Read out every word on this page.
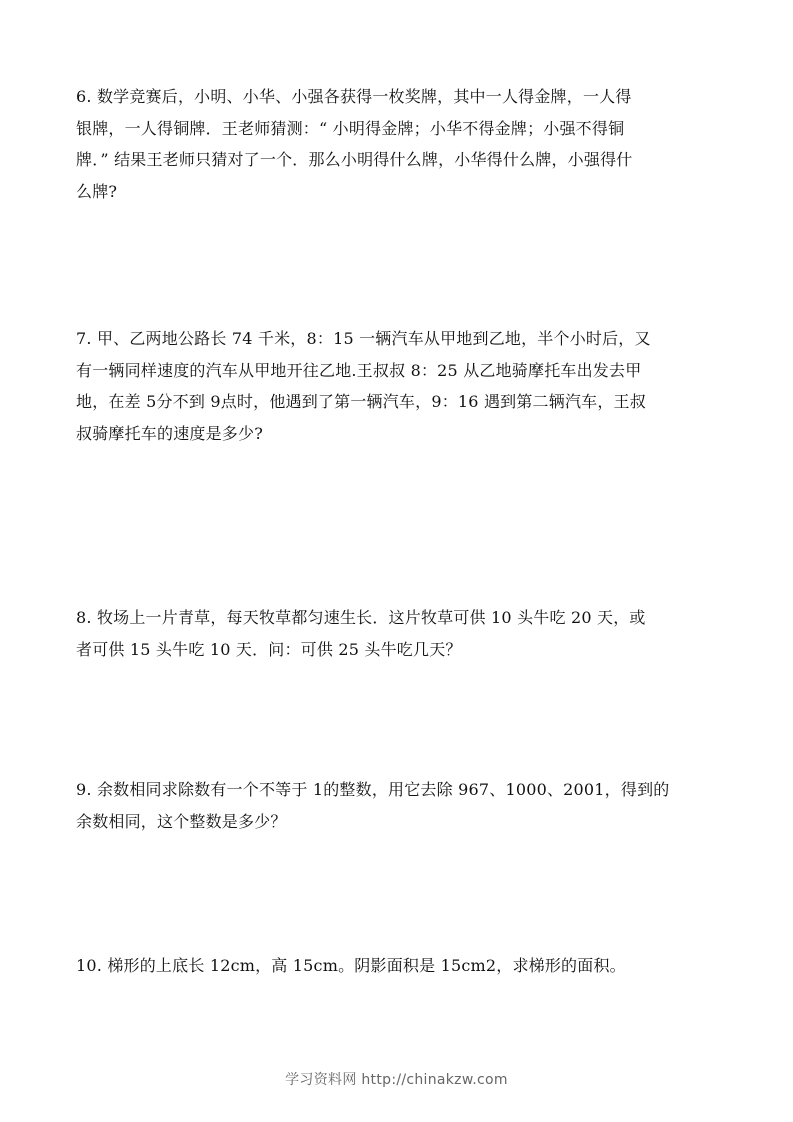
6. 数学竞赛后，小明、小华、小强各获得一枚奖牌，其中一人得金牌，一人得
银牌，一人得铜牌．王老师猜测：“ 小明得金牌；小华不得金牌；小强不得铜
牌．” 结果王老师只猜对了一个．那么小明得什么牌，小华得什么牌，小强得什
么牌?
7. 甲、乙两地公路长 74 千米，8：15 一辆汽车从甲地到乙地，半个小时后，又
有一辆同样速度的汽车从甲地开往乙地.王叔叔 8：25 从乙地骑摩托车出发去甲
地，在差 5分不到 9点时，他遇到了第一辆汽车，9：16 遇到第二辆汽车，王叔
叔骑摩托车的速度是多少?
8. 牧场上一片青草，每天牧草都匀速生长．这片牧草可供 10 头牛吃 20 天，或
者可供 15 头牛吃 10 天．问：可供 25 头牛吃几天？
9. 余数相同求除数有一个不等于 1的整数，用它去除 967、1000、2001，得到的
余数相同，这个整数是多少？
10. 梯形的上底长 12cm，高 15cm。阴影面积是 15cm2，求梯形的面积。
学习资料网 http://chinakzw.com
